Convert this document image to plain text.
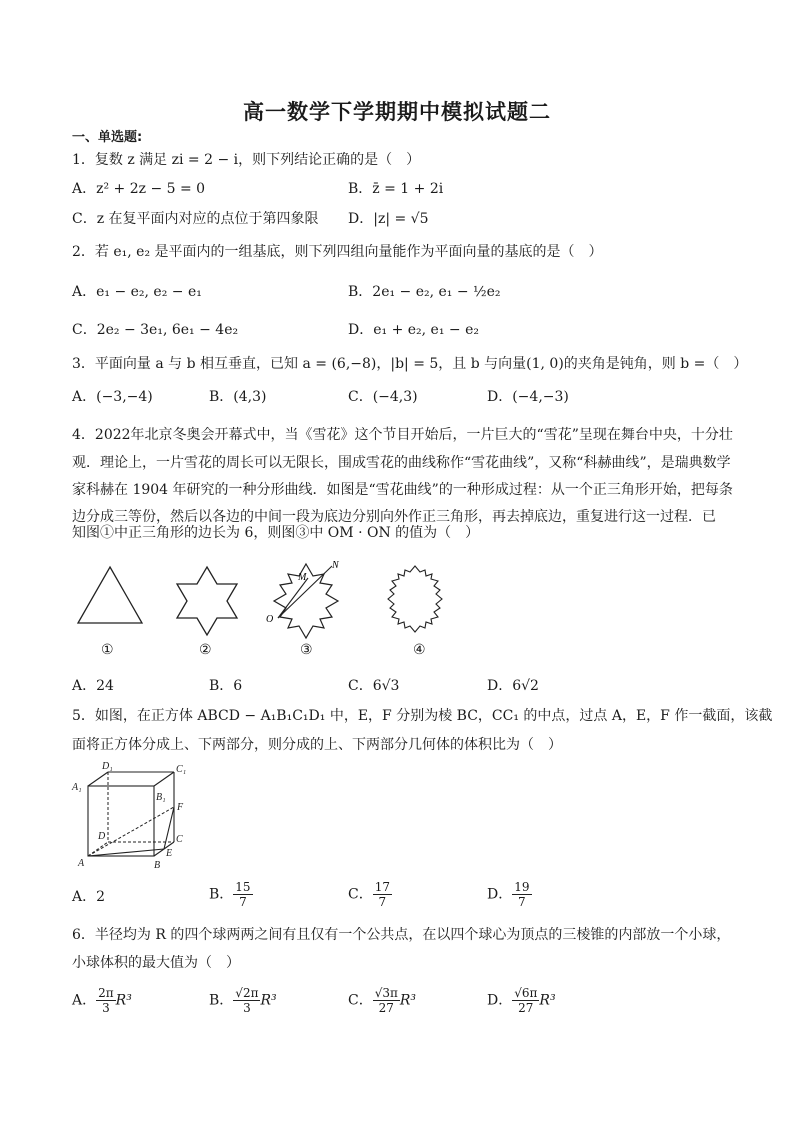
高一数学下学期期中模拟试题二
一、单选题:
1．复数 z 满足 zi = 2 − i，则下列结论正确的是（　）
A．z² + 2z − 5 = 0	B．z̄ = 1 + 2i
C．z 在复平面内对应的点位于第四象限 D．|z| = √5
2．若 e₁, e₂ 是平面内的一组基底，则下列四组向量能作为平面向量的基底的是（　）
A．e₁ − e₂, e₂ − e₁	B．2e₁ − e₂, e₁ − ½e₂
C．2e₂ − 3e₁, 6e₁ − 4e₂	D．e₁ + e₂, e₁ − e₂
3．平面向量 a 与 b 相互垂直，已知 a = (6,−8)，|b| = 5，且 b 与向量(1, 0)的夹角是钝角，则 b =（　）
A．(−3,−4)	B．(4,3)	C．(−4,3)	D．(−4,−3)
4．2022年北京冬奥会开幕式中，当《雪花》这个节目开始后，一片巨大的“雪花”呈现在舞台中央，十分壮
观．理论上，一片雪花的周长可以无限长，围成雪花的曲线称作“雪花曲线”，又称“科赫曲线”，是瑞典数学
家科赫在 1904 年研究的一种分形曲线．如图是“雪花曲线”的一种形成过程：从一个正三角形开始，把每条
边分成三等份，然后以各边的中间一段为底边分别向外作正三角形，再去掉底边，重复进行这一过程．已
知图①中正三角形的边长为 6，则图③中 OM · ON 的值为（　）
N
M
O
①	②	③	④
A．24	B．6	C．6√3	D．6√2
5．如图，在正方体 ABCD − A₁B₁C₁D₁ 中，E，F 分别为棱 BC，CC₁ 的中点，过点 A，E，F 作一截面，该截
面将正方体分成上、下两部分，则分成的上、下两部分几何体的体积比为（　）
D₁	C₁
A₁
B₁
F
D	C
E
A	B
A．2	B． $\frac{15}{7}$	C． $\frac{17}{7}$	D． $\frac{19}{7}$
6．半径均为 R 的四个球两两之间有且仅有一个公共点，在以四个球心为顶点的三棱锥的内部放一个小球，
小球体积的最大值为（　）
A． $\frac{2\pi}{3} R^3$	B． $\frac{√2\pi}{3} R^3$	C． $\frac{√3\pi}{27} R^3$	D． $\frac{√6\pi}{27} R^3$
